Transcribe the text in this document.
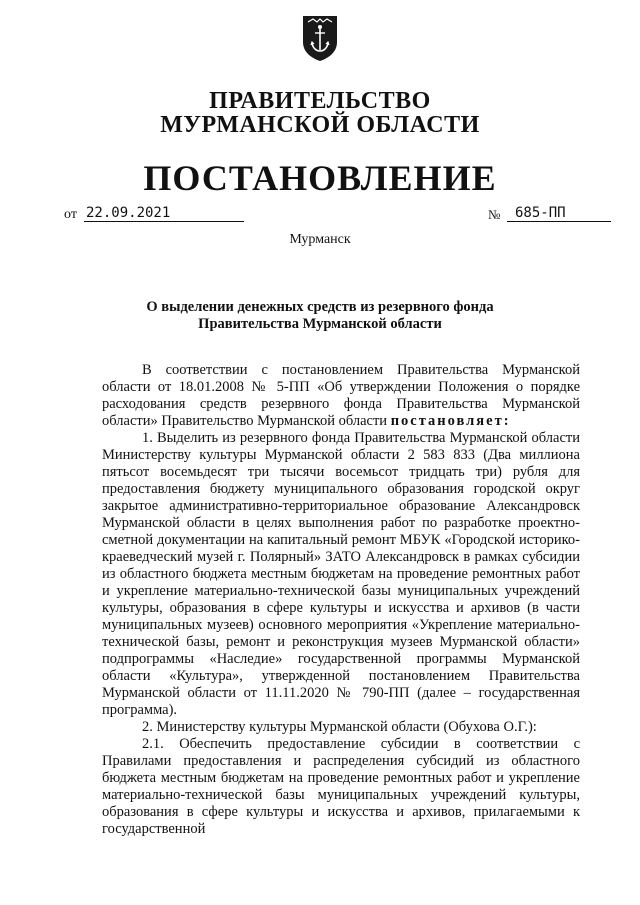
ПРАВИТЕЛЬСТВО
МУРМАНСКОЙ ОБЛАСТИ
ПОСТАНОВЛЕНИЕ
от 22.09.2021	№	685-ПП
Мурманск
О выделении денежных средств из резервного фонда
Правительства Мурманской области

В соответствии с постановлением Правительства Мурманской области от 18.01.2008 № 5-ПП «Об утверждении Положения о порядке расходования средств резервного фонда Правительства Мурманской области» Правительство Мурманской области постановляет:

1. Выделить из резервного фонда Правительства Мурманской области Министерству культуры Мурманской области 2 583 833 (Два миллиона пятьсот восемьдесят три тысячи восемьсот тридцать три) рубля для предоставления бюджету муниципального образования городской округ закрытое административно-территориальное образование Александровск Мурманской области в целях выполнения работ по разработке проектно-сметной документации на капитальный ремонт МБУК «Городской историко-краеведческий музей г. Полярный» ЗАТО Александровск в рамках субсидии из областного бюджета местным бюджетам на проведение ремонтных работ и укрепление материально-технической базы муниципальных учреждений культуры, образования в сфере культуры и искусства и архивов (в части муниципальных музеев) основного мероприятия «Укрепление материально-технической базы, ремонт и реконструкция музеев Мурманской области» подпрограммы «Наследие» государственной программы Мурманской области «Культура», утвержденной постановлением Правительства Мурманской области от 11.11.2020 № 790-ПП (далее – государственная программа).

2. Министерству культуры Мурманской области (Обухова О.Г.):

2.1. Обеспечить предоставление субсидии в соответствии с Правилами предоставления и распределения субсидий из областного бюджета местным бюджетам на проведение ремонтных работ и укрепление материально-технической базы муниципальных учреждений культуры, образования в сфере культуры и искусства и архивов, прилагаемыми к государственной
